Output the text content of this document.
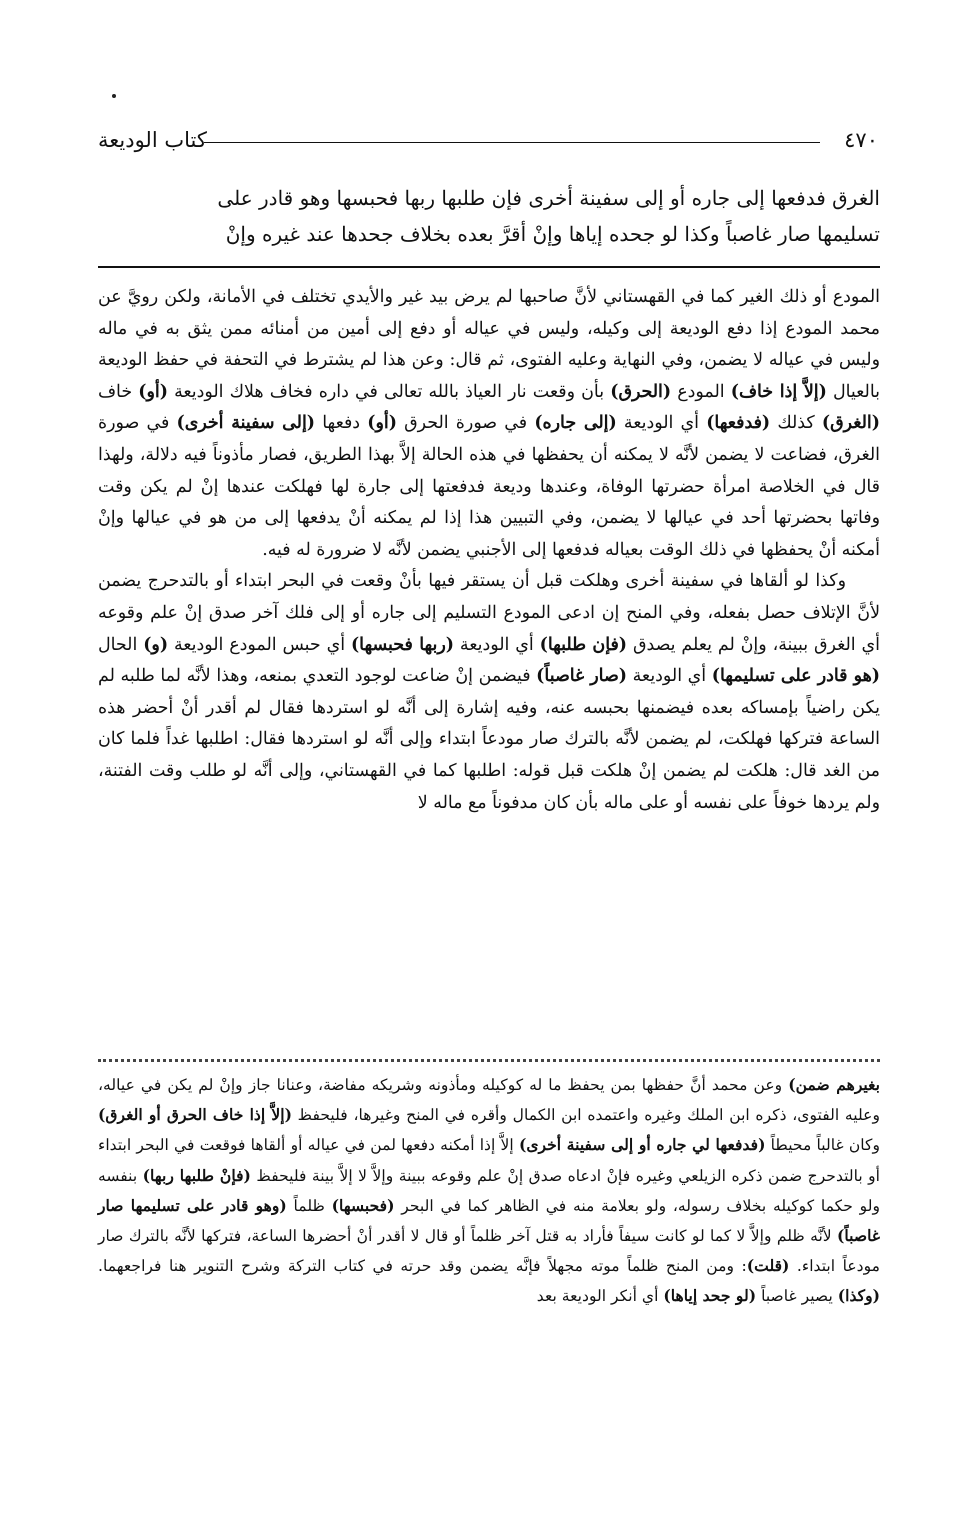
٤٧٠
كتاب الوديعة

الغرق فدفعها إلى جاره أو إلى سفينة أخرى فإن طلبها ربها فحبسها وهو قادر على

تسليمها صار غاصباً وكذا لو جحده إياها وإنْ أقرَّ بعده بخلاف جحدها عند غيره وإنْ

المودع أو ذلك الغير كما في القهستاني لأنَّ صاحبها لم يرض بيد غير والأيدي تختلف في الأمانة، ولكن رويَّ عن محمد المودع إذا دفع الوديعة إلى وكيله، وليس في عياله أو دفع إلى أمين من أمنائه ممن يثق به في ماله وليس في عياله لا يضمن، وفي النهاية وعليه الفتوى، ثم قال: وعن هذا لم يشترط في التحفة في حفظ الوديعة بالعيال (إلاَّ إذا خاف) المودع (الحرق) بأن وقعت نار العياذ بالله تعالى في داره فخاف هلاك الوديعة (أو) خاف (الغرق) كذلك (فدفعها) أي الوديعة (إلى جاره) في صورة الحرق (أو) دفعها (إلى سفينة أخرى) في صورة الغرق، فضاعت لا يضمن لأنَّه لا يمكنه أن يحفظها في هذه الحالة إلاَّ بهذا الطريق، فصار مأذوناً فيه دلالة، ولهذا قال في الخلاصة امرأة حضرتها الوفاة، وعندها وديعة فدفعتها إلى جارة لها فهلكت عندها إنْ لم يكن وقت وفاتها بحضرتها أحد في عيالها لا يضمن، وفي التبيين هذا إذا لم يمكنه أنْ يدفعها إلى من هو في عيالها وإنْ أمكنه أنْ يحفظها في ذلك الوقت بعياله فدفعها إلى الأجنبي يضمن لأنَّه لا ضرورة له فيه.

وكذا لو ألقاها في سفينة أخرى وهلكت قبل أن يستقر فيها بأنْ وقعت في البحر ابتداء أو بالتدحرج يضمن لأنَّ الإتلاف حصل بفعله، وفي المنح إن ادعى المودع التسليم إلى جاره أو إلى فلك آخر صدق إنْ علم وقوعه أي الغرق ببينة، وإنْ لم يعلم يصدق (فإن طلبها) أي الوديعة (ربها فحبسها) أي حبس المودع الوديعة (و) الحال (هو قادر على تسليمها) أي الوديعة (صار غاصباً) فيضمن إنْ ضاعت لوجود التعدي بمنعه، وهذا لأنَّه لما طلبه لم يكن راضياً بإمساكه بعده فيضمنها بحبسه عنه، وفيه إشارة إلى أنَّه لو استردها فقال لم أقدر أنْ أحضر هذه الساعة فتركها فهلكت، لم يضمن لأنَّه بالترك صار مودعاً ابتداء وإلى أنَّه لو استردها فقال: اطلبها غداً فلما كان من الغد قال: هلكت لم يضمن إنْ هلكت قبل قوله: اطلبها كما في القهستاني، وإلى أنَّه لو طلب وقت الفتنة، ولم يردها خوفاً على نفسه أو على ماله بأن كان مدفوناً مع ماله لا

بغيرهم ضمن) وعن محمد أنَّ حفظها بمن يحفظ ما له كوكيله ومأذونه وشريكه مفاضة، وعنانا جاز وإنْ لم يكن في عياله، وعليه الفتوى، ذكره ابن الملك وغيره واعتمده ابن الكمال وأقره في المنح وغيرها، فليحفظ (إلاَّ إذا خاف الحرق أو الغرق) وكان غالباً محيطاً (فدفعها لي جاره أو إلى سفينة أخرى) إلاَّ إذا أمكنه دفعها لمن في عياله أو ألقاها فوقعت في البحر ابتداء أو بالتدحرج ضمن ذكره الزيلعي وغيره فإنْ ادعاه صدق إنْ علم وقوعه ببينة وإلاَّ لا إلاَّ بينة فليحفظ (فإنْ طلبها ربها) بنفسه ولو حكما كوكيله بخلاف رسوله، ولو بعلامة منه في الظاهر كما في البحر (فحبسها) ظلماً (وهو قادر على تسليمها صار غاصباً) لأنَّه ظلم وإلاَّ لا كما لو كانت سيفاً فأراد به قتل آخر ظلماً أو قال لا أقدر أنْ أحضرها الساعة، فتركها لأنَّه بالترك صار مودعاً ابتداء. (قلت): ومن المنح ظلماً موته مجهلاً فإنَّه يضمن وقد حرته في كتاب التركة وشرح التنوير هنا فراجعهما. (وكذا) يصير غاصباً (لو جحد إياها) أي أنكر الوديعة بعد
